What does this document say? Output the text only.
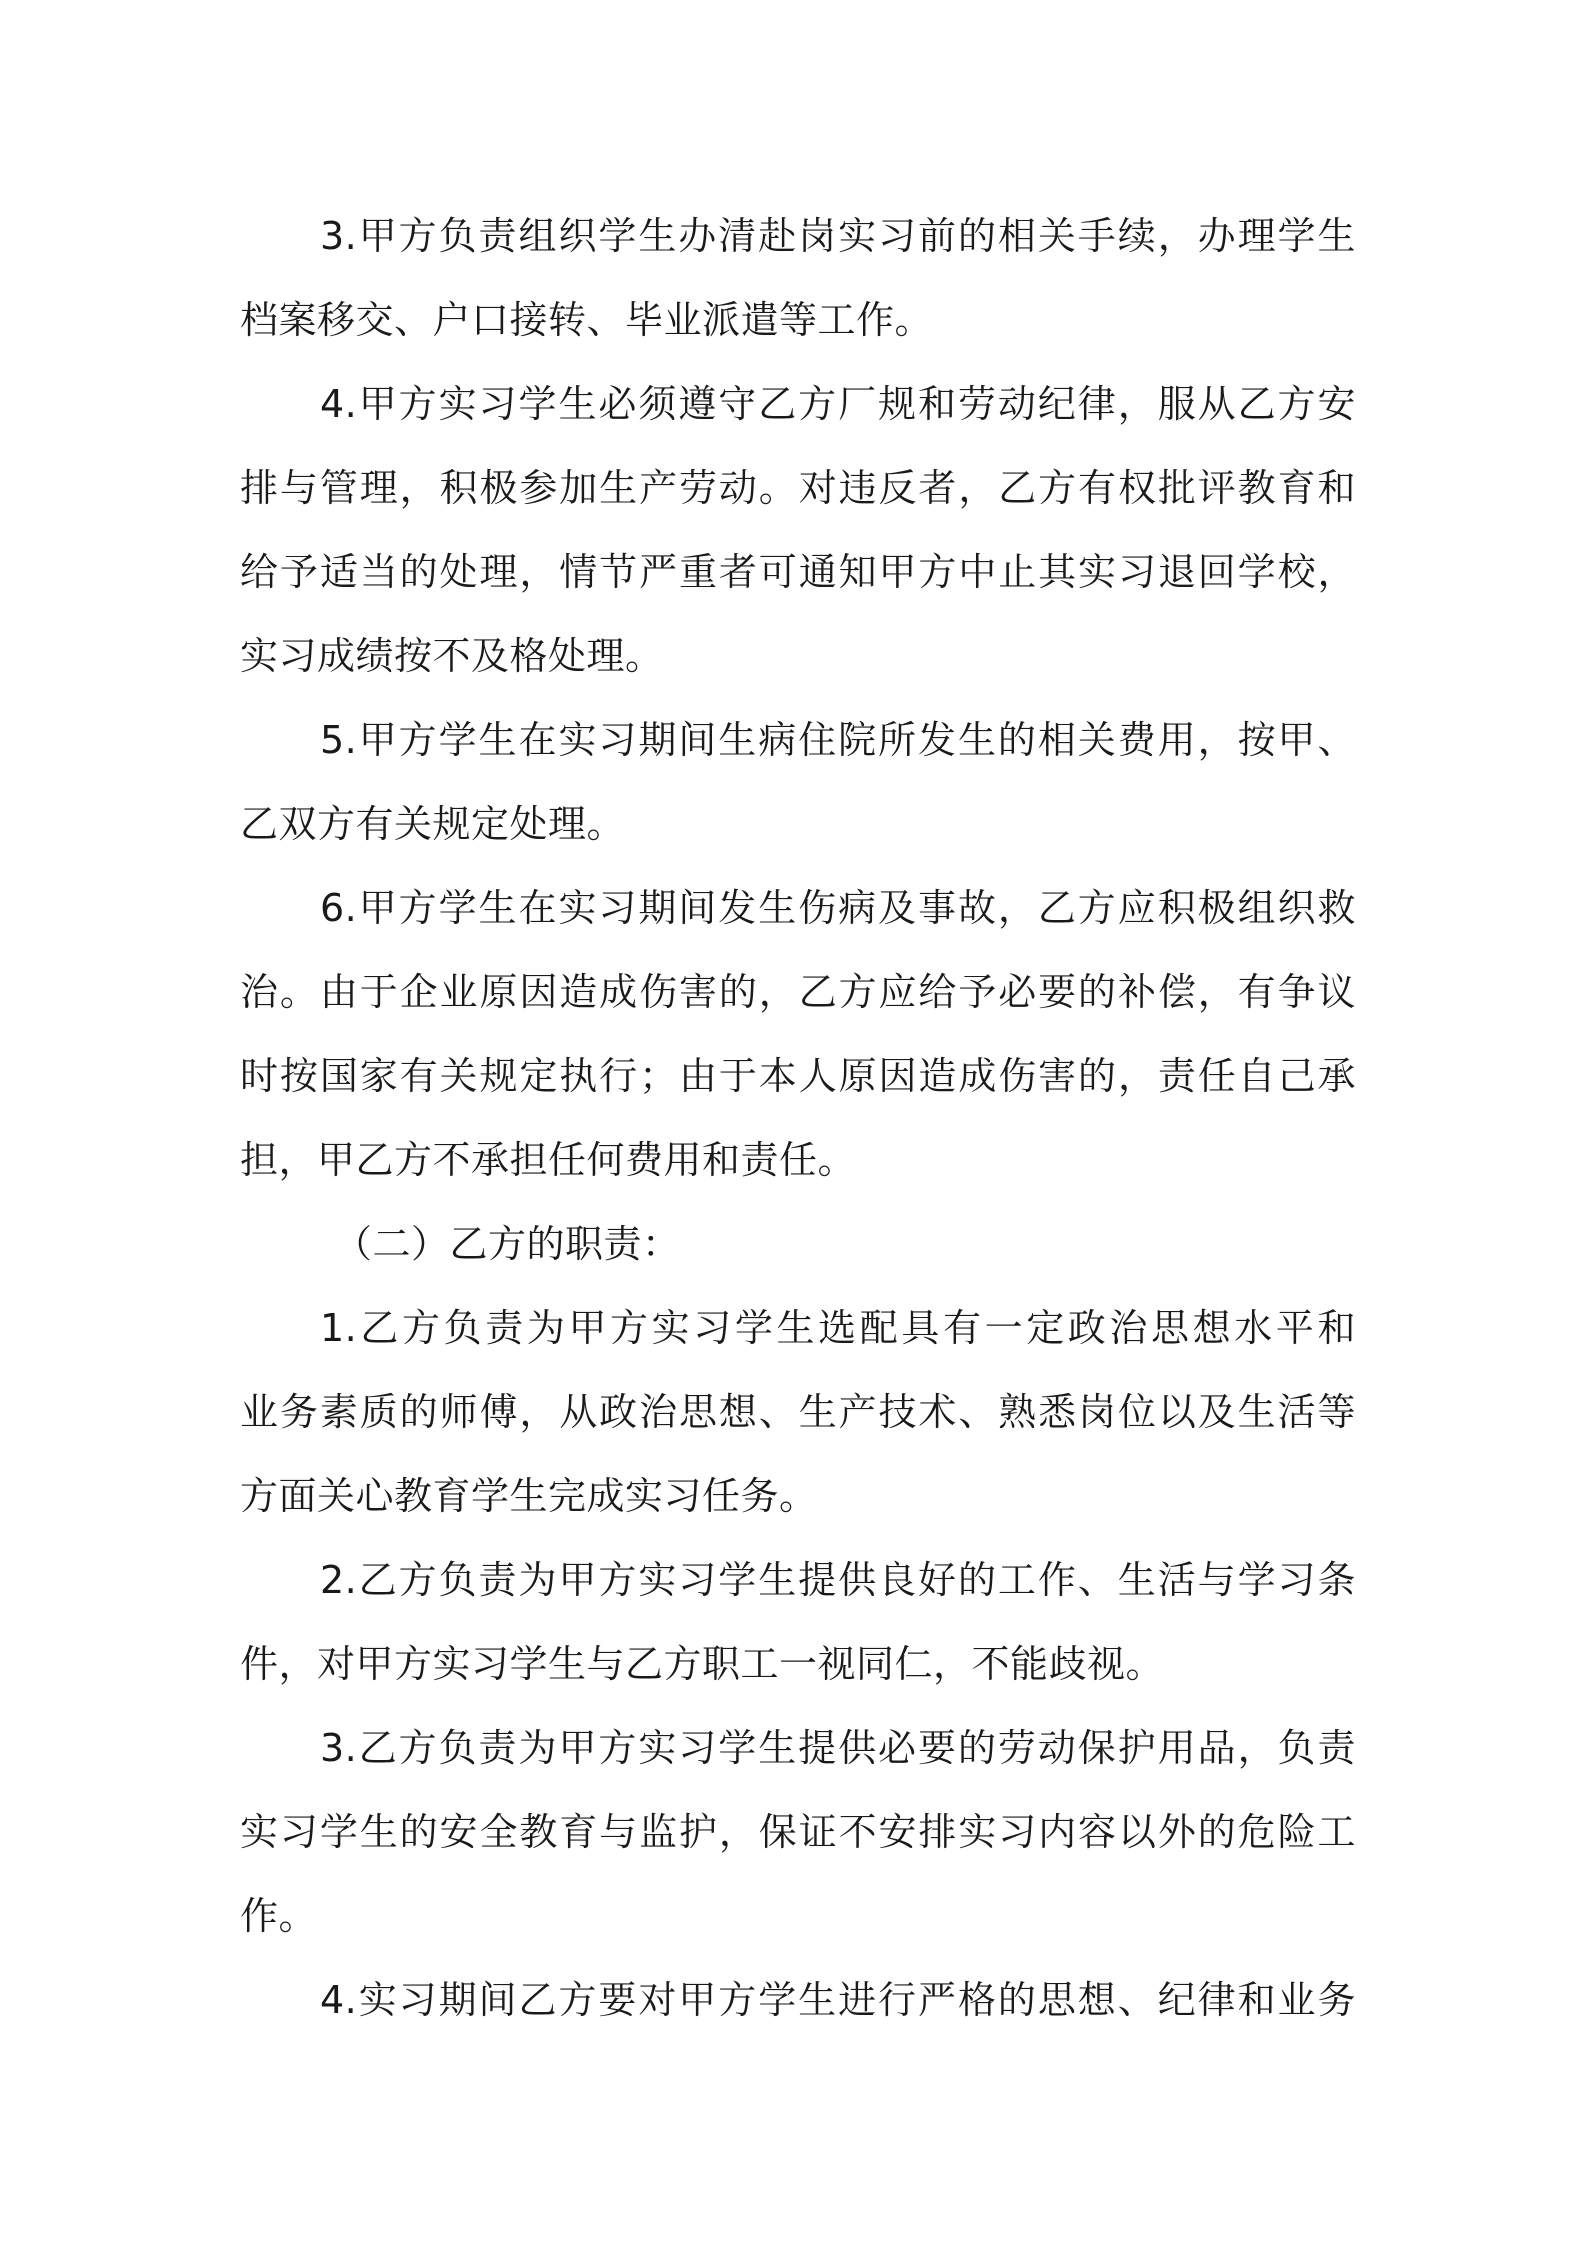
3.甲方负责组织学生办清赴岗实习前的相关手续，办理学生
档案移交、户口接转、毕业派遣等工作。
4.甲方实习学生必须遵守乙方厂规和劳动纪律，服从乙方安
排与管理，积极参加生产劳动。对违反者，乙方有权批评教育和
给予适当的处理，情节严重者可通知甲方中止其实习退回学校，
实习成绩按不及格处理。
5.甲方学生在实习期间生病住院所发生的相关费用，按甲、
乙双方有关规定处理。
6.甲方学生在实习期间发生伤病及事故，乙方应积极组织救
治。由于企业原因造成伤害的，乙方应给予必要的补偿，有争议
时按国家有关规定执行；由于本人原因造成伤害的，责任自己承
担，甲乙方不承担任何费用和责任。
（二）乙方的职责：
1.乙方负责为甲方实习学生选配具有一定政治思想水平和
业务素质的师傅，从政治思想、生产技术、熟悉岗位以及生活等
方面关心教育学生完成实习任务。
2.乙方负责为甲方实习学生提供良好的工作、生活与学习条
件，对甲方实习学生与乙方职工一视同仁，不能歧视。
3.乙方负责为甲方实习学生提供必要的劳动保护用品，负责
实习学生的安全教育与监护，保证不安排实习内容以外的危险工
作。
4.实习期间乙方要对甲方学生进行严格的思想、纪律和业务
